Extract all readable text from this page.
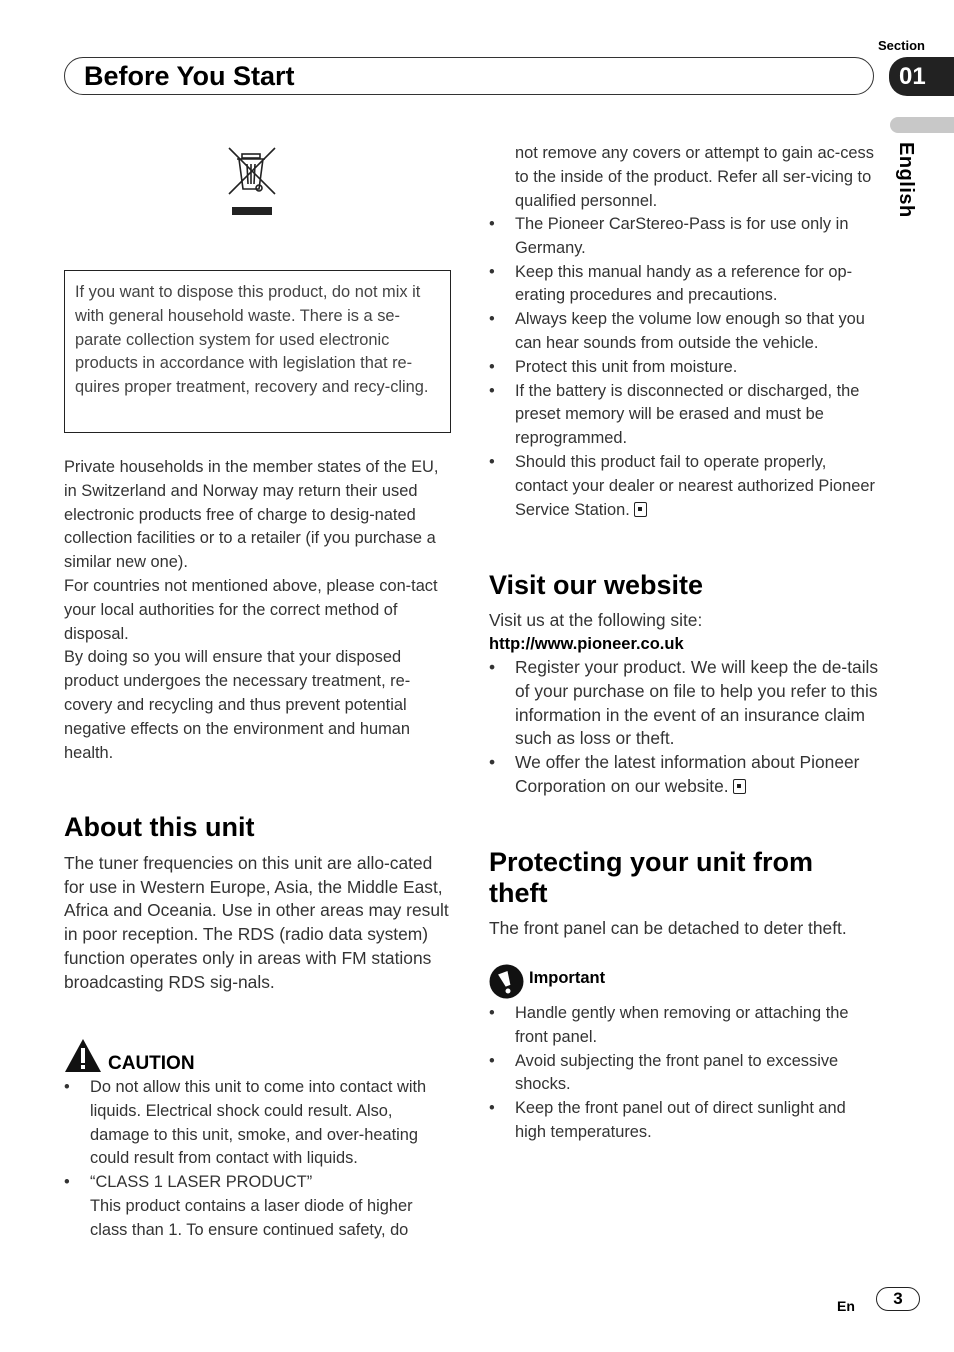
Section
Before You Start	01
English
If you want to dispose this product, do not mix it with general household waste. There is a se-parate collection system for used electronic products in accordance with legislation that re-quires proper treatment, recovery and recy-cling.
Private households in the member states of the EU, in Switzerland and Norway may return their used electronic products free of charge to desig-nated collection facilities or to a retailer (if you purchase a similar new one).
For countries not mentioned above, please con-tact your local authorities for the correct method of disposal.
By doing so you will ensure that your disposed product undergoes the necessary treatment, re-covery and recycling and thus prevent potential negative effects on the environment and human health.
About this unit
The tuner frequencies on this unit are allo-cated for use in Western Europe, Asia, the Middle East, Africa and Oceania. Use in other areas may result in poor reception. The RDS (radio data system) function operates only in areas with FM stations broadcasting RDS sig-nals.
CAUTION
• Do not allow this unit to come into contact with liquids. Electrical shock could result. Also, damage to this unit, smoke, and over-heating could result from contact with liquids.
• “CLASS 1 LASER PRODUCT”
This product contains a laser diode of higher class than 1. To ensure continued safety, do
not remove any covers or attempt to gain ac-cess to the inside of the product. Refer all ser-vicing to qualified personnel.
• The Pioneer CarStereo-Pass is for use only in Germany.
• Keep this manual handy as a reference for op-erating procedures and precautions.
• Always keep the volume low enough so that you can hear sounds from outside the vehicle.
• Protect this unit from moisture.
• If the battery is disconnected or discharged, the preset memory will be erased and must be reprogrammed.
• Should this product fail to operate properly, contact your dealer or nearest authorized Pioneer Service Station.
Visit our website
Visit us at the following site:
http://www.pioneer.co.uk
• Register your product. We will keep the de-tails of your purchase on file to help you refer to this information in the event of an insurance claim such as loss or theft.
• We offer the latest information about Pioneer Corporation on our website.
Protecting your unit from
theft
The front panel can be detached to deter theft.
Important
• Handle gently when removing or attaching the front panel.
• Avoid subjecting the front panel to excessive shocks.
• Keep the front panel out of direct sunlight and high temperatures.
En	3
